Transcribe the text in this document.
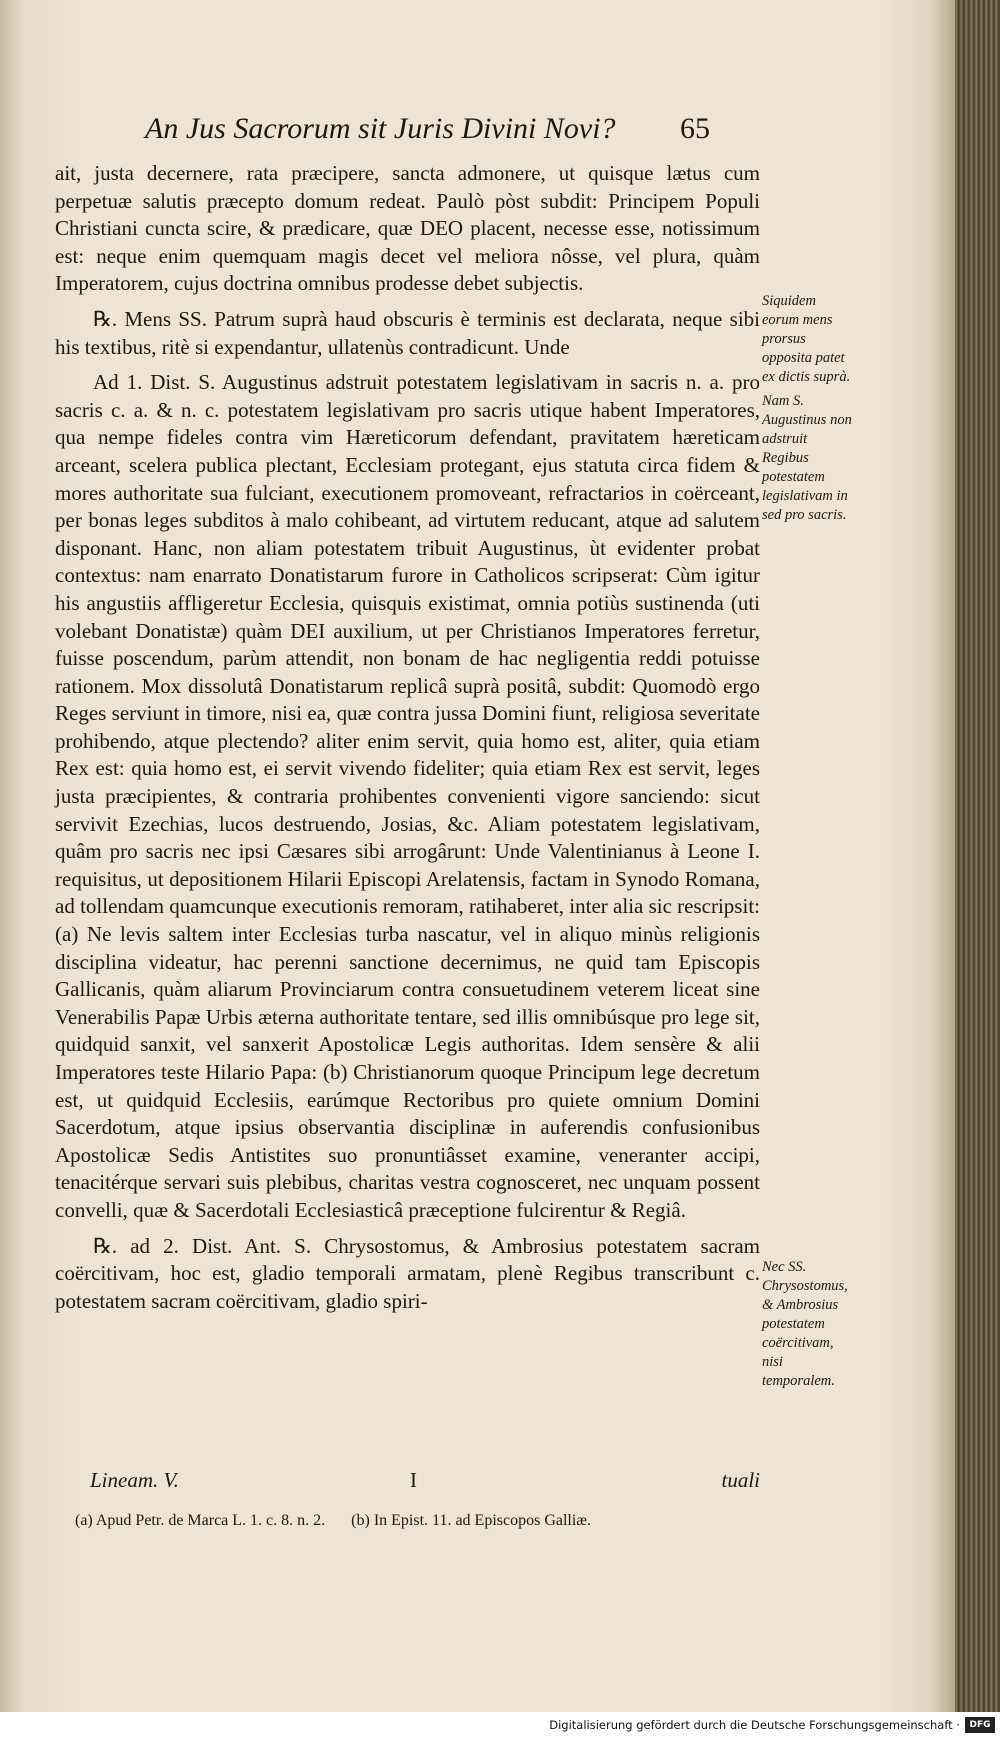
An Jus Sacrorum sit Juris Divini Novi?	65

ait, justa decernere, rata præcipere, sancta admonere, ut quisque lætus cum perpetuæ salutis præcepto domum redeat. Paulò pòst subdit: Principem Populi Christiani cuncta scire, & prædicare, quæ DEO placent, necesse esse, notissimum est: neque enim quemquam magis decet vel meliora nôsse, vel plura, quàm Imperatorem, cujus doctrina omnibus prodesse debet subjectis.

℞. Mens SS. Patrum suprà haud obscuris è terminis est declarata, neque sibi his textibus, ritè si expendantur, ullatenùs contradicunt. Unde

Ad 1. Dist. S. Augustinus adstruit potestatem legislativam in sacris n. a. pro sacris c. a. & n. c. potestatem legislativam pro sacris utique habent Imperatores, qua nempe fideles contra vim Hæreticorum defendant, pravitatem hæreticam arceant, scelera publica plectant, Ecclesiam protegant, ejus statuta circa fidem & mores authoritate sua fulciant, executionem promoveant, refractarios in coërceant, per bonas leges subditos à malo cohibeant, ad virtutem reducant, atque ad salutem disponant. Hanc, non aliam potestatem tribuit Augustinus, ùt evidenter probat contextus: nam enarrato Donatistarum furore in Catholicos scripserat: Cùm igitur his angustiis affligeretur Ecclesia, quisquis existimat, omnia potiùs sustinenda (uti volebant Donatistæ) quàm DEI auxilium, ut per Christianos Imperatores ferretur, fuisse poscendum, parùm attendit, non bonam de hac negligentia reddi potuisse rationem. Mox dissolutâ Donatistarum replicâ suprà positâ, subdit: Quomodò ergo Reges serviunt in timore, nisi ea, quæ contra jussa Domini fiunt, religiosa severitate prohibendo, atque plectendo? aliter enim servit, quia homo est, aliter, quia etiam Rex est: quia homo est, ei servit vivendo fideliter; quia etiam Rex est servit, leges justa præcipientes, & contraria prohibentes convenienti vigore sanciendo: sicut servivit Ezechias, lucos destruendo, Josias, &c. Aliam potestatem legislativam, quâm pro sacris nec ipsi Cæsares sibi arrogârunt: Unde Valentinianus à Leone I. requisitus, ut depositionem Hilarii Episcopi Arelatensis, factam in Synodo Romana, ad tollendam quamcunque executionis remoram, ratihaberet, inter alia sic rescripsit: (a) Ne levis saltem inter Ecclesias turba nascatur, vel in aliquo minùs religionis disciplina videatur, hac perenni sanctione decernimus, ne quid tam Episcopis Gallicanis, quàm aliarum Provinciarum contra consuetudinem veterem liceat sine Venerabilis Papæ Urbis æterna authoritate tentare, sed illis omnibúsque pro lege sit, quidquid sanxit, vel sanxerit Apostolicæ Legis authoritas. Idem sensère & alii Imperatores teste Hilario Papa: (b) Christianorum quoque Principum lege decretum est, ut quidquid Ecclesiis, earúmque Rectoribus pro quiete omnium Domini Sacerdotum, atque ipsius observantia disciplinæ in auferendis confusionibus Apostolicæ Sedis Antistites suo pronuntiâsset examine, veneranter accipi, tenacitérque servari suis plebibus, charitas vestra cognosceret, nec unquam possent convelli, quæ & Sacerdotali Ecclesiasticâ præceptione fulcirentur & Regiâ.

℞. ad 2. Dist. Ant. S. Chrysostomus, & Ambrosius potestatem sacram coërcitivam, hoc est, gladio temporali armatam, plenè Regibus transcribunt c. potestatem sacram coërcitivam, gladio spiri-

Siquidem eorum mens prorsus opposita patet ex dictis suprà.
Nam S. Augustinus non adstruit Regibus potestatem legislativam in sed pro sacris.
Nec SS. Chrysostomus, & Ambrosius potestatem coërcitivam, nisi temporalem.
Lineam. V.	I	tuali
(a) Apud Petr. de Marca L. 1. c. 8. n. 2. (b) In Epist. 11. ad Episcopos Galliæ.
Digitalisierung gefördert durch die Deutsche Forschungsgemeinschaft ·	DFG
